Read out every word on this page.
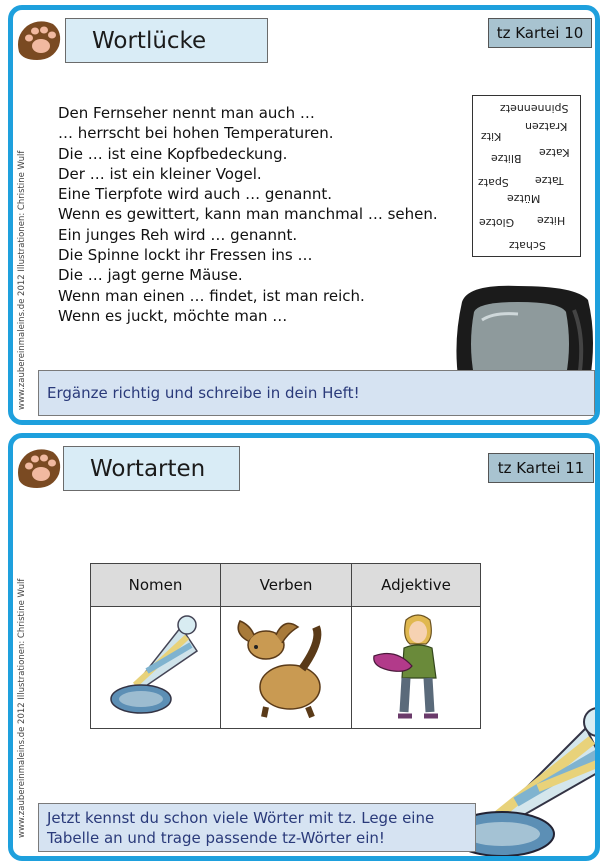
Wortlücke	tz Kartei 10
www.zaubereinmaleins.de 2012 Illustrationen: Christine Wulf
Den Fernseher nennt man auch …
… herrscht bei hohen Temperaturen.
Die … ist eine Kopfbedeckung.
Der … ist ein kleiner Vogel.
Eine Tierpfote wird auch … genannt.
Wenn es gewittert, kann man manchmal … sehen.
Ein junges Reh wird … genannt.
Die Spinne lockt ihr Fressen ins …
Die … jagt gerne Mäuse.
Wenn man einen … findet, ist man reich.
Wenn es juckt, möchte man …
Spinnennetz
Kratzen
Kitz
Katze
Blitze
Tatze
Spatz
Mütze
Hitze
Glotze
Schatz
Ergänze richtig und schreibe in dein Heft!
Wortarten	tz Kartei 11
www.zaubereinmaleins.de 2012 Illustrationen: Christine Wulf	Nomen	Verben	Adjektive

Jetzt kennst du schon viele Wörter mit tz. Lege eine
Tabelle an und trage passende tz-Wörter ein!
